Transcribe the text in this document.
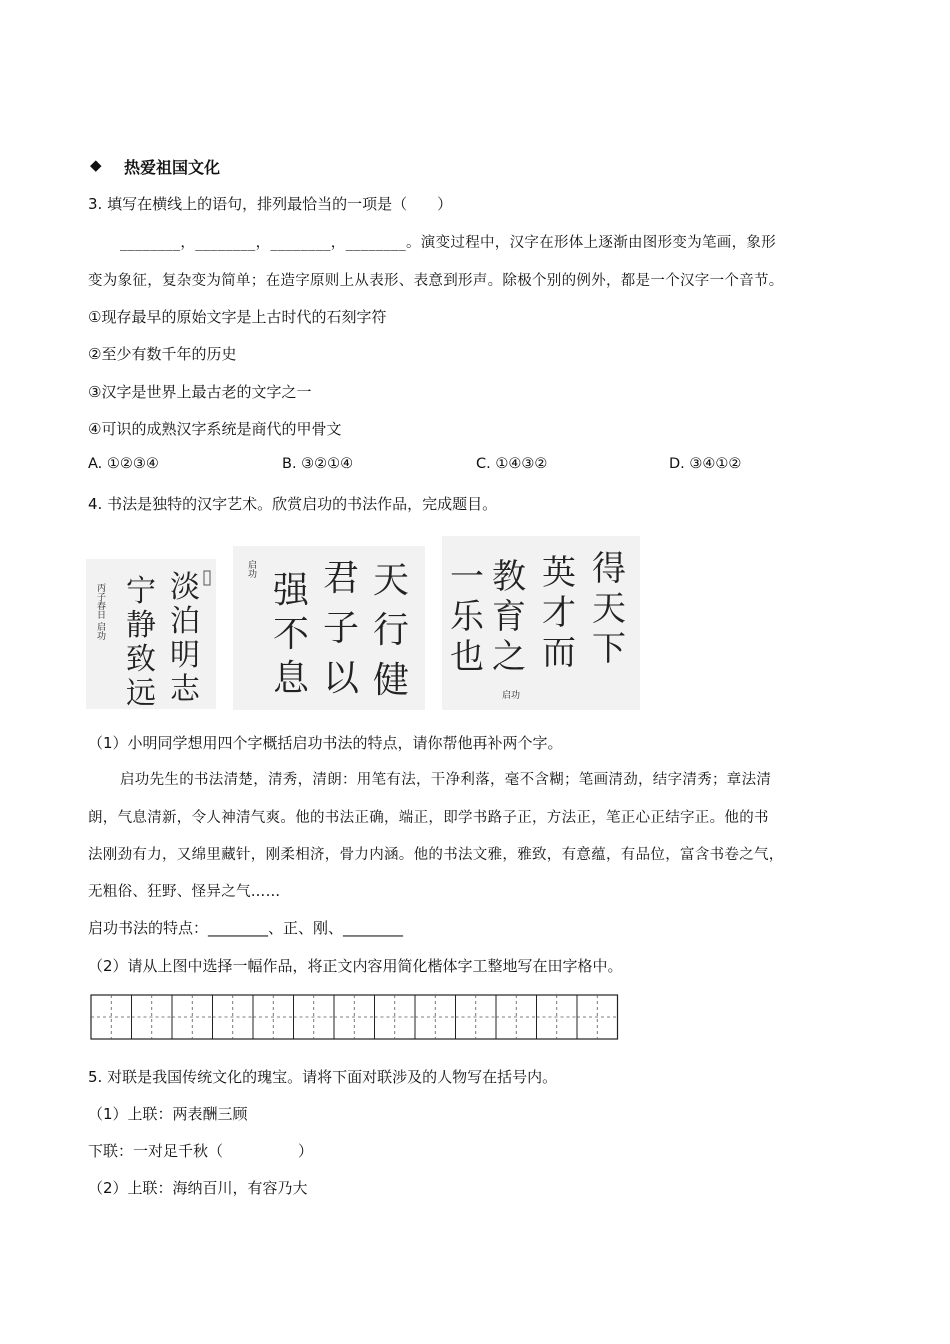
◆ 热爱祖国文化
3. 填写在横线上的语句，排列最恰当的一项是（　　）
________，________，________，________。演变过程中，汉字在形体上逐渐由图形变为笔画，象形
变为象征，复杂变为简单；在造字原则上从表形、表意到形声。除极个别的例外，都是一个汉字一个音节。
①现存最早的原始文字是上古时代的石刻字符
②至少有数千年的历史
③汉字是世界上最古老的文字之一
④可识的成熟汉字系统是商代的甲骨文
A. ①②③④	B. ③②①④	C. ①④③②	D. ③④①②
4. 书法是独特的汉字艺术。欣赏启功的书法作品，完成题目。
淡
泊
明
志
宁
静
致
远
丙子春日 启功
天
行
健
君
子
以
强
不
息
启功	得
天
下
英
才
而
教
育
之
一
乐
也
启功
（1）小明同学想用四个字概括启功书法的特点，请你帮他再补两个字。
启功先生的书法清楚，清秀，清朗：用笔有法，干净利落，毫不含糊；笔画清劲，结字清秀；章法清
朗，气息清新，令人神清气爽。他的书法正确，端正，即学书路子正，方法正，笔正心正结字正。他的书
法刚劲有力，又绵里藏针，刚柔相济，骨力内涵。他的书法文雅，雅致，有意蕴，有品位，富含书卷之气，
无粗俗、狂野、怪异之气……
启功书法的特点：________、正、刚、________
（2）请从上图中选择一幅作品，将正文内容用简化楷体字工整地写在田字格中。
5. 对联是我国传统文化的瑰宝。请将下面对联涉及的人物写在括号内。
（1）上联：两表酬三顾
下联：一对足千秋（　　　　　）
（2）上联：海纳百川，有容乃大
